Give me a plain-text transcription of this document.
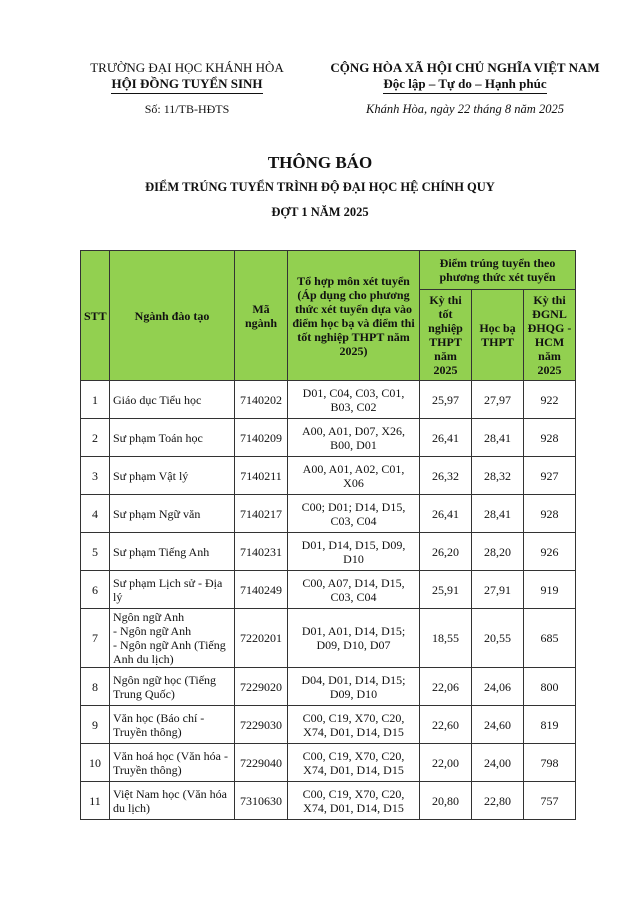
TRƯỜNG ĐẠI HỌC KHÁNH HÒA
HỘI ĐỒNG TUYỂN SINH
Số: 11/TB-HĐTS
CỘNG HÒA XÃ HỘI CHỦ NGHĨA VIỆT NAM
Độc lập – Tự do – Hạnh phúc
Khánh Hòa, ngày 22 tháng 8 năm 2025
THÔNG BÁO
ĐIỂM TRÚNG TUYỂN TRÌNH ĐỘ ĐẠI HỌC HỆ CHÍNH QUY
ĐỢT 1 NĂM 2025
STT	Ngành đào tạo	Mã ngành	Tổ hợp môn xét tuyển (Áp dụng cho phương thức xét tuyển dựa vào điểm học bạ và điểm thi tốt nghiệp THPT năm 2025)	Điểm trúng tuyển theo phương thức xét tuyển		
				Kỳ thi tốt nghiệp THPT năm 2025	Học bạ THPT	Kỳ thi ĐGNL ĐHQG - HCM năm 2025
1	Giáo dục Tiểu học	7140202	D01, C04, C03, C01, B03, C02	25,97	27,97	922
2	Sư phạm Toán học	7140209	A00, A01, D07, X26, B00, D01	26,41	28,41	928
3	Sư phạm Vật lý	7140211	A00, A01, A02, C01, X06	26,32	28,32	927
4	Sư phạm Ngữ văn	7140217	C00; D01; D14, D15, C03, C04	26,41	28,41	928
5	Sư phạm Tiếng Anh	7140231	D01, D14, D15, D09, D10	26,20	28,20	926
6	Sư phạm Lịch sử - Địa lý	7140249	C00, A07, D14, D15, C03, C04	25,91	27,91	919
7	Ngôn ngữ Anh
- Ngôn ngữ Anh
- Ngôn ngữ Anh (Tiếng Anh du lịch)	7220201	D01, A01, D14, D15; D09, D10, D07	18,55	20,55	685
8	Ngôn ngữ học (Tiếng Trung Quốc)	7229020	D04, D01, D14, D15; D09, D10	22,06	24,06	800
9	Văn học (Báo chí - Truyền thông)	7229030	C00, C19, X70, C20, X74, D01, D14, D15	22,60	24,60	819
10	Văn hoá học (Văn hóa - Truyền thông)	7229040	C00, C19, X70, C20, X74, D01, D14, D15	22,00	24,00	798
11	Việt Nam học (Văn hóa du lịch)	7310630	C00, C19, X70, C20, X74, D01, D14, D15	20,80	22,80	757
